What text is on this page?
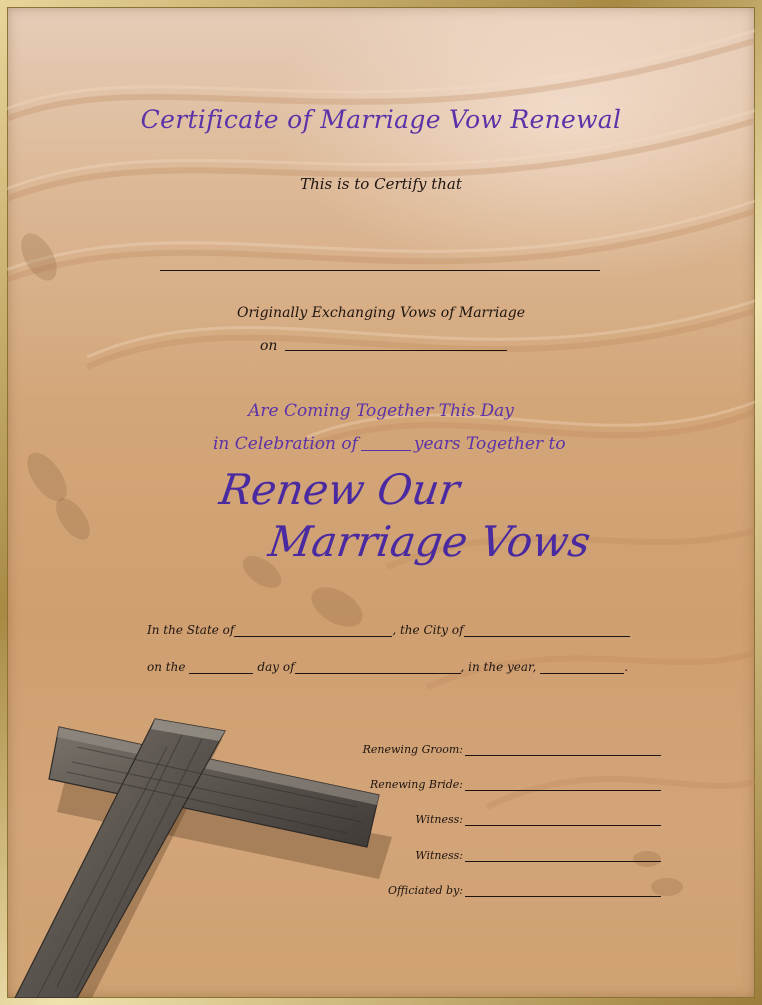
Certificate of Marriage Vow Renewal
This is to Certify that
Originally Exchanging Vows of Marriage
on
Are Coming Together This Day
in Celebration of	years Together to
Renew Our
Marriage Vows
In the State of	, the City of
on the	day of	, in the year,	.
Renewing Groom:
Renewing Bride:
Witness:
Witness:
Officiated by:
